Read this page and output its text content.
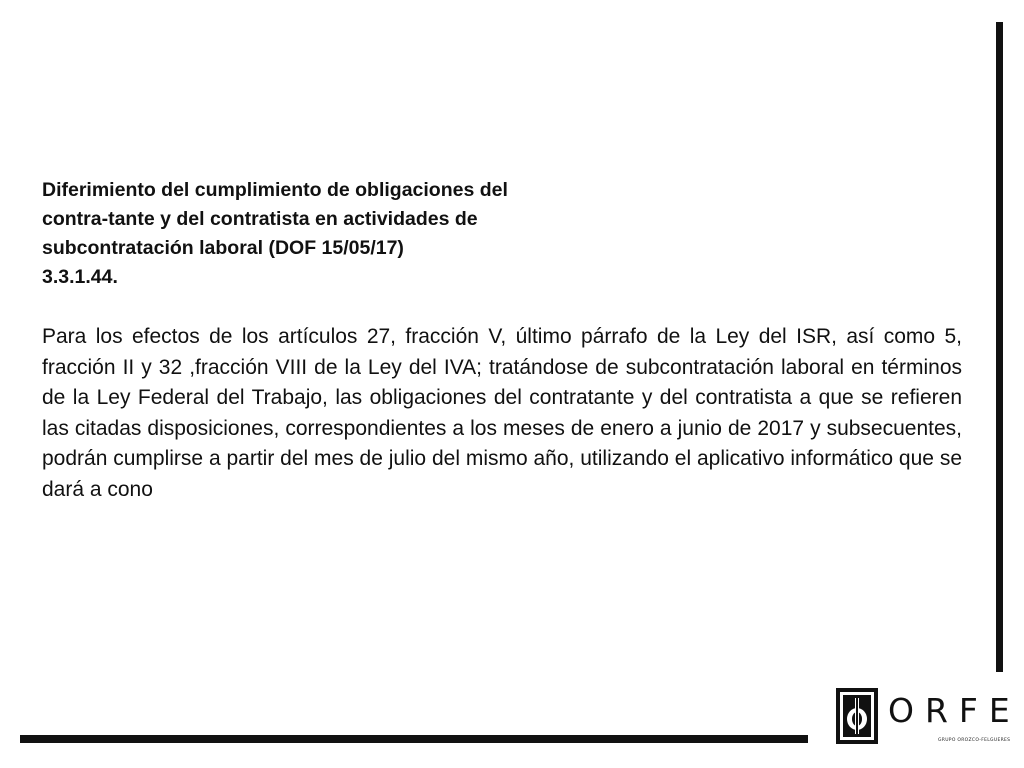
Diferimiento del cumplimiento de obligaciones del
contra-tante y del contratista en actividades de
subcontratación laboral (DOF 15/05/17)
3.3.1.44.

Para los efectos de los artículos 27, fracción V, último párrafo de la Ley del ISR, así como 5, fracción II y 32 ,fracción VIII de la Ley del IVA; tratándose de subcontratación laboral en términos de la Ley Federal del Trabajo, las obligaciones del contratante y del contratista a que se refieren las citadas disposiciones, correspondientes a los meses de enero a junio de 2017 y subsecuentes, podrán cumplirse a partir del mes de julio del mismo año, utilizando el aplicativo informático que se dará a cono

ORFE
GRUPO OROZCO-FELGUERES
